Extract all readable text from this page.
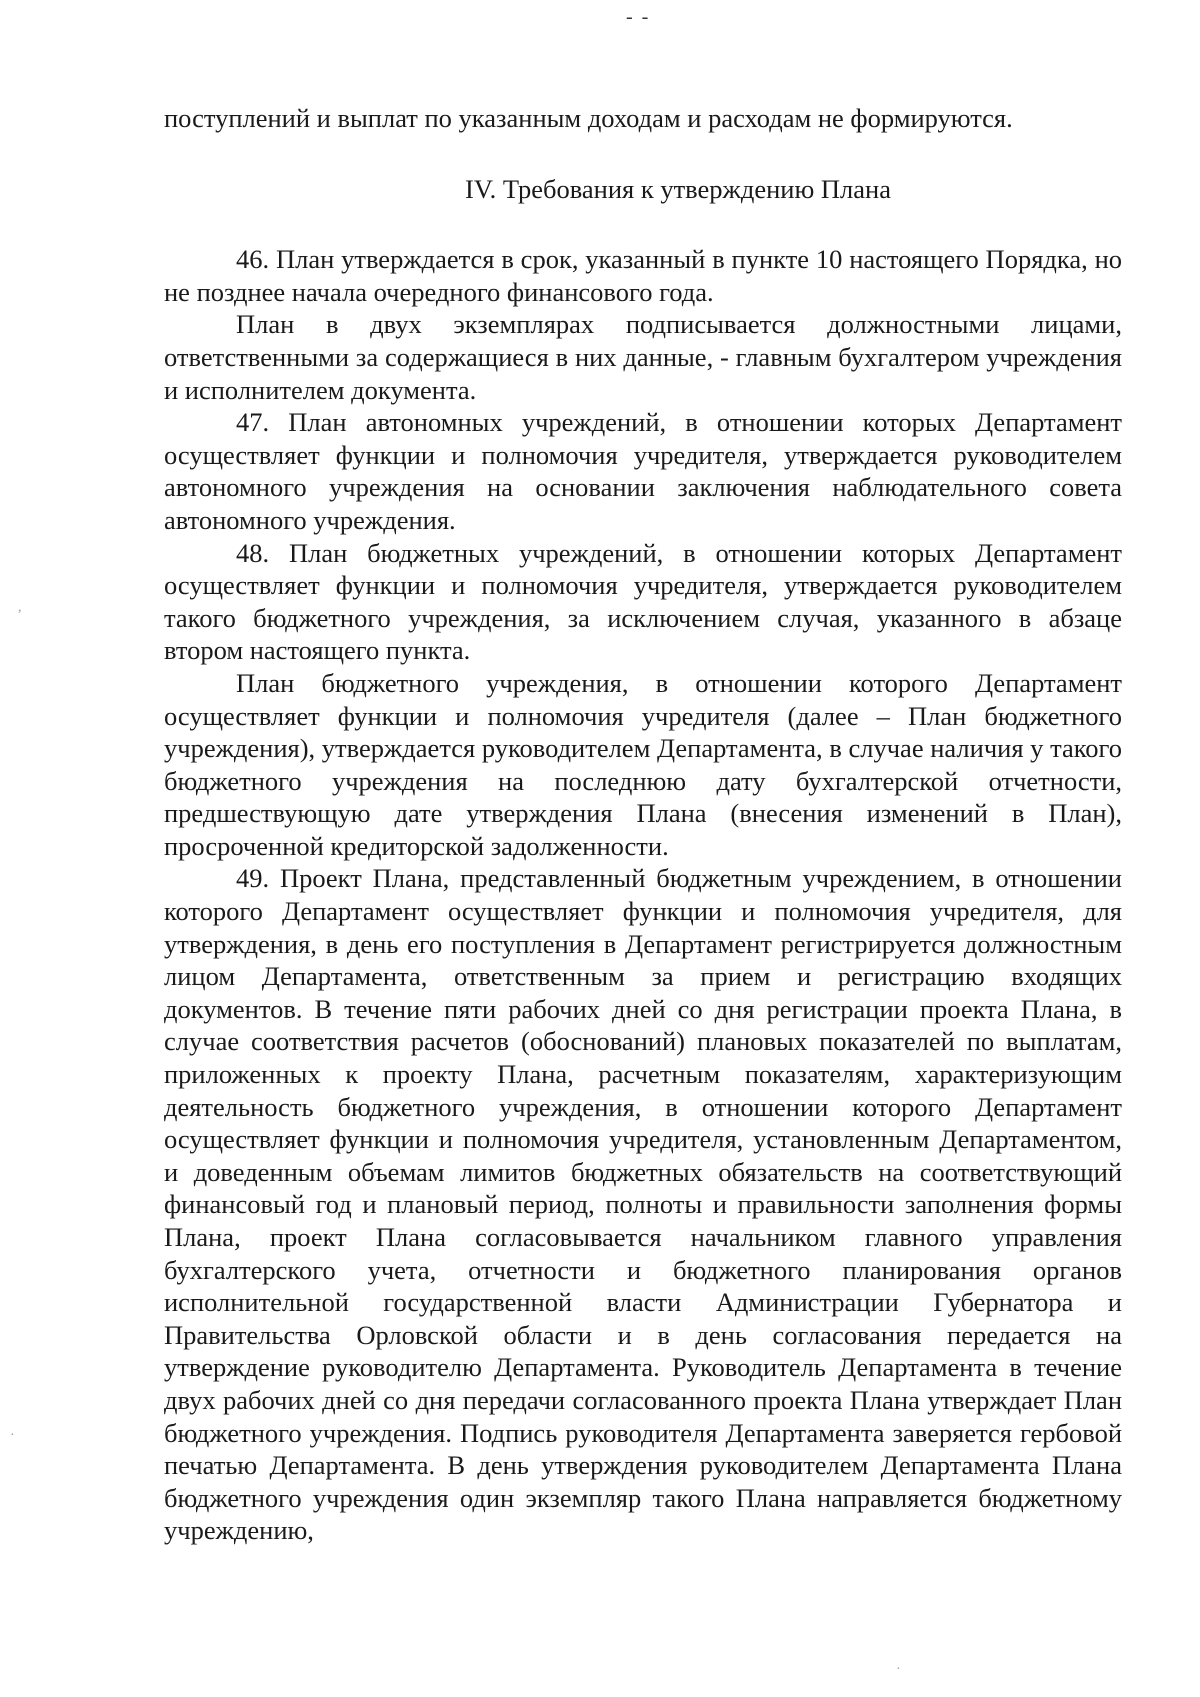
- -
,
·
·

поступлений и выплат по указанным доходам и расходам не формируются.

IV. Требования к утверждению Плана

46. План утверждается в срок, указанный в пункте 10 настоящего Порядка, но не позднее начала очередного финансового года.

План в двух экземплярах подписывается должностными лицами, ответственными за содержащиеся в них данные, - главным бухгалтером учреждения и исполнителем документа.

47. План автономных учреждений, в отношении которых Департамент осуществляет функции и полномочия учредителя, утверждается руководителем автономного учреждения на основании заключения наблюдательного совета автономного учреждения.

48. План бюджетных учреждений, в отношении которых Департамент осуществляет функции и полномочия учредителя, утверждается руководителем такого бюджетного учреждения, за исключением случая, указанного в абзаце втором настоящего пункта.

План бюджетного учреждения, в отношении которого Департамент осуществляет функции и полномочия учредителя (далее – План бюджетного учреждения), утверждается руководителем Департамента, в случае наличия у такого бюджетного учреждения на последнюю дату бухгалтерской отчетности, предшествующую дате утверждения Плана (внесения изменений в План), просроченной кредиторской задолженности.

49. Проект Плана, представленный бюджетным учреждением, в отношении которого Департамент осуществляет функции и полномочия учредителя, для утверждения, в день его поступления в Департамент регистрируется должностным лицом Департамента, ответственным за прием и регистрацию входящих документов. В течение пяти рабочих дней со дня регистрации проекта Плана, в случае соответствия расчетов (обоснований) плановых показателей по выплатам, приложенных к проекту Плана, расчетным показателям, характеризующим деятельность бюджетного учреждения, в отношении которого Департамент осуществляет функции и полномочия учредителя, установленным Департаментом, и доведенным объемам лимитов бюджетных обязательств на соответствующий финансовый год и плановый период, полноты и правильности заполнения формы Плана, проект Плана согласовывается начальником главного управления бухгалтерского учета, отчетности и бюджетного планирования органов исполнительной государственной власти Администрации Губернатора и Правительства Орловской области и в день согласования передается на утверждение руководителю Департамента. Руководитель Департамента в течение двух рабочих дней со дня передачи согласованного проекта Плана утверждает План бюджетного учреждения. Подпись руководителя Департамента заверяется гербовой печатью Департамента. В день утверждения руководителем Департамента Плана бюджетного учреждения один экземпляр такого Плана направляется бюджетному учреждению,
